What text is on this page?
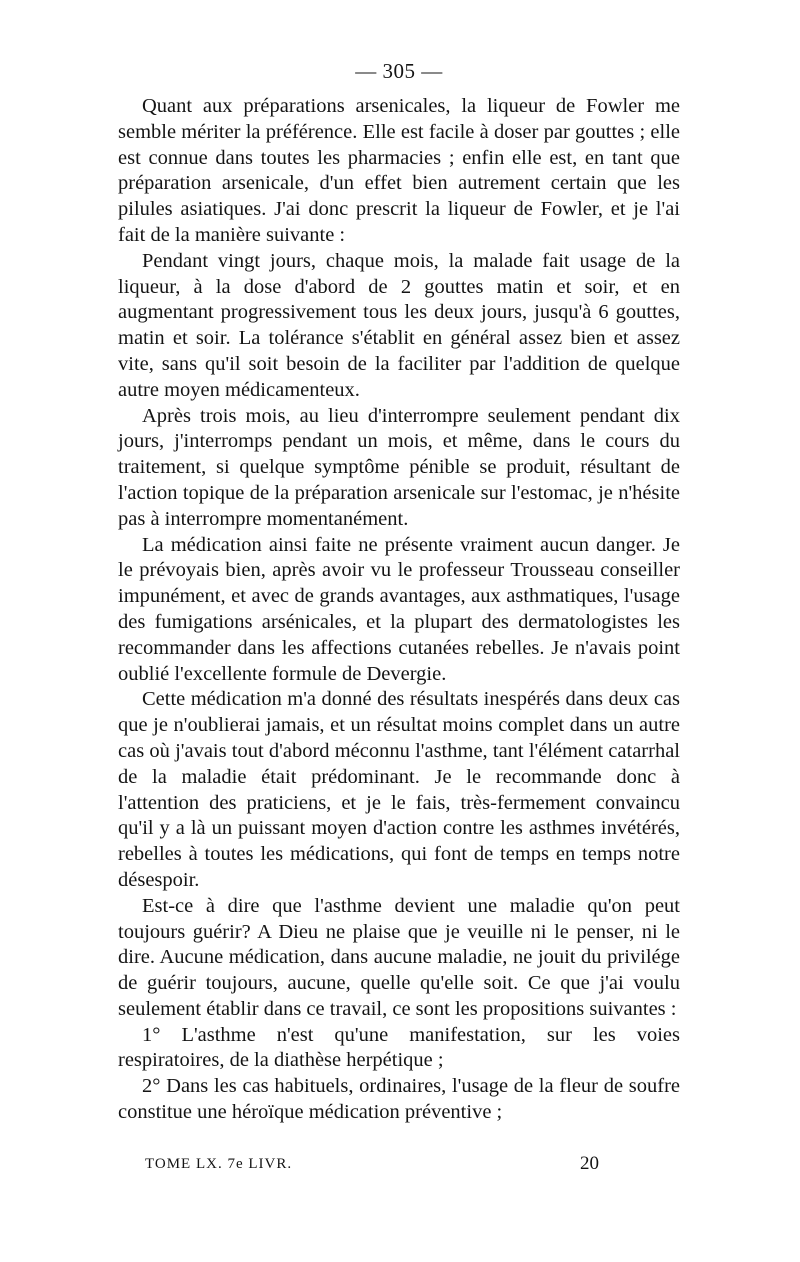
— 305 —

Quant aux préparations arsenicales, la liqueur de Fowler me semble mériter la préférence. Elle est facile à doser par gouttes ; elle est connue dans toutes les pharmacies ; enfin elle est, en tant que préparation arsenicale, d'un effet bien autrement certain que les pilules asiatiques. J'ai donc prescrit la liqueur de Fowler, et je l'ai fait de la manière suivante :

Pendant vingt jours, chaque mois, la malade fait usage de la liqueur, à la dose d'abord de 2 gouttes matin et soir, et en augmentant progressivement tous les deux jours, jusqu'à 6 gouttes, matin et soir. La tolérance s'établit en général assez bien et assez vite, sans qu'il soit besoin de la faciliter par l'addition de quelque autre moyen médicamenteux.

Après trois mois, au lieu d'interrompre seulement pendant dix jours, j'interromps pendant un mois, et même, dans le cours du traitement, si quelque symptôme pénible se produit, résultant de l'action topique de la préparation arsenicale sur l'estomac, je n'hésite pas à interrompre momentanément.

La médication ainsi faite ne présente vraiment aucun danger. Je le prévoyais bien, après avoir vu le professeur Trousseau conseiller impunément, et avec de grands avantages, aux asthmatiques, l'usage des fumigations arsénicales, et la plupart des dermatologistes les recommander dans les affections cutanées rebelles. Je n'avais point oublié l'excellente formule de Devergie.

Cette médication m'a donné des résultats inespérés dans deux cas que je n'oublierai jamais, et un résultat moins complet dans un autre cas où j'avais tout d'abord méconnu l'asthme, tant l'élément catarrhal de la maladie était prédominant. Je le recommande donc à l'attention des praticiens, et je le fais, très-fermement convaincu qu'il y a là un puissant moyen d'action contre les asthmes invétérés, rebelles à toutes les médications, qui font de temps en temps notre désespoir.

Est-ce à dire que l'asthme devient une maladie qu'on peut toujours guérir? A Dieu ne plaise que je veuille ni le penser, ni le dire. Aucune médication, dans aucune maladie, ne jouit du privilége de guérir toujours, aucune, quelle qu'elle soit. Ce que j'ai voulu seulement établir dans ce travail, ce sont les propositions suivantes :

1° L'asthme n'est qu'une manifestation, sur les voies respiratoires, de la diathèse herpétique ;

2° Dans les cas habituels, ordinaires, l'usage de la fleur de soufre constitue une héroïque médication préventive ;

TOME LX. 7e LIVR.	20
